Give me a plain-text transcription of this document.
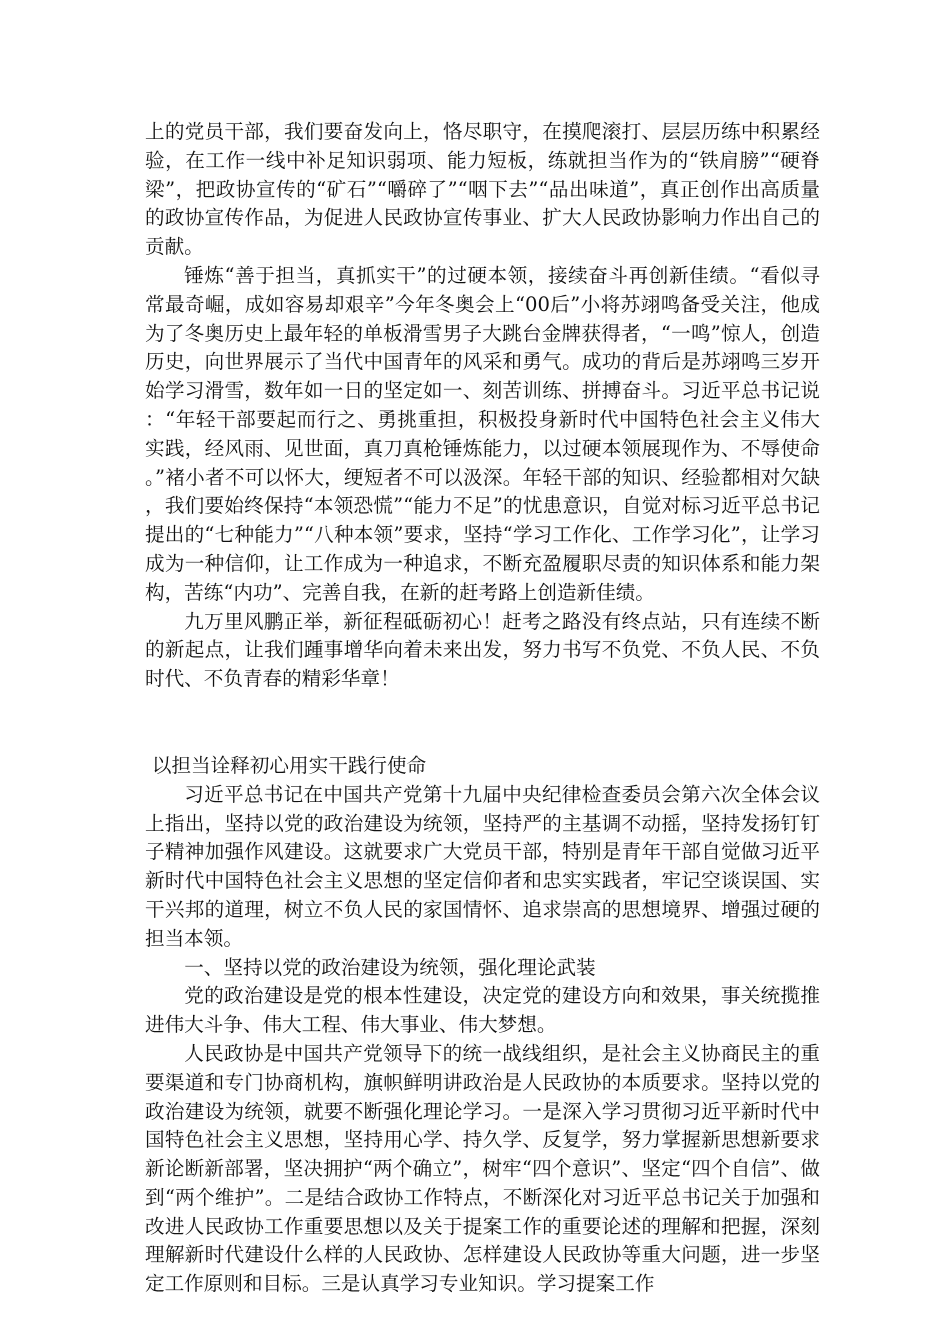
上的党员干部，我们要奋发向上，恪尽职守，在摸爬滚打、层层历练中积累经验，在工作一线中补足知识弱项、能力短板，练就担当作为的“铁肩膀”“硬脊梁”，把政协宣传的“矿石”“嚼碎了”“咽下去”“品出味道”，真正创作出高质量的政协宣传作品，为促进人民政协宣传事业、扩大人民政协影响力作出自己的贡献。

锤炼“善于担当，真抓实干”的过硬本领，接续奋斗再创新佳绩。“看似寻常最奇崛，成如容易却艰辛”今年冬奥会上“00后”小将苏翊鸣备受关注，他成为了冬奥历史上最年轻的单板滑雪男子大跳台金牌获得者，“一鸣”惊人，创造历史，向世界展示了当代中国青年的风采和勇气。成功的背后是苏翊鸣三岁开始学习滑雪，数年如一日的坚定如一、刻苦训练、拼搏奋斗。习近平总书记说：“年轻干部要起而行之、勇挑重担，积极投身新时代中国特色社会主义伟大实践，经风雨、见世面，真刀真枪锤炼能力，以过硬本领展现作为、不辱使命。”褚小者不可以怀大，绠短者不可以汲深。年轻干部的知识、经验都相对欠缺，我们要始终保持“本领恐慌”“能力不足”的忧患意识，自觉对标习近平总书记提出的“七种能力”“八种本领”要求，坚持“学习工作化、工作学习化”，让学习成为一种信仰，让工作成为一种追求，不断充盈履职尽责的知识体系和能力架构，苦练“内功”、完善自我，在新的赶考路上创造新佳绩。

九万里风鹏正举，新征程砥砺初心！赶考之路没有终点站，只有连续不断的新起点，让我们踵事增华向着未来出发，努力书写不负党、不负人民、不负时代、不负青春的精彩华章！

以担当诠释初心用实干践行使命

习近平总书记在中国共产党第十九届中央纪律检查委员会第六次全体会议上指出，坚持以党的政治建设为统领，坚持严的主基调不动摇，坚持发扬钉钉子精神加强作风建设。这就要求广大党员干部，特别是青年干部自觉做习近平新时代中国特色社会主义思想的坚定信仰者和忠实实践者，牢记空谈误国、实干兴邦的道理，树立不负人民的家国情怀、追求崇高的思想境界、增强过硬的担当本领。

一、坚持以党的政治建设为统领，强化理论武装

党的政治建设是党的根本性建设，决定党的建设方向和效果，事关统揽推进伟大斗争、伟大工程、伟大事业、伟大梦想。

人民政协是中国共产党领导下的统一战线组织，是社会主义协商民主的重要渠道和专门协商机构，旗帜鲜明讲政治是人民政协的本质要求。坚持以党的政治建设为统领，就要不断强化理论学习。一是深入学习贯彻习近平新时代中国特色社会主义思想，坚持用心学、持久学、反复学，努力掌握新思想新要求新论断新部署，坚决拥护“两个确立”，树牢“四个意识”、坚定“四个自信”、做到“两个维护”。二是结合政协工作特点，不断深化对习近平总书记关于加强和改进人民政协工作重要思想以及关于提案工作的重要论述的理解和把握，深刻理解新时代建设什么样的人民政协、怎样建设人民政协等重大问题，进一步坚定工作原则和目标。三是认真学习专业知识。学习提案工作
